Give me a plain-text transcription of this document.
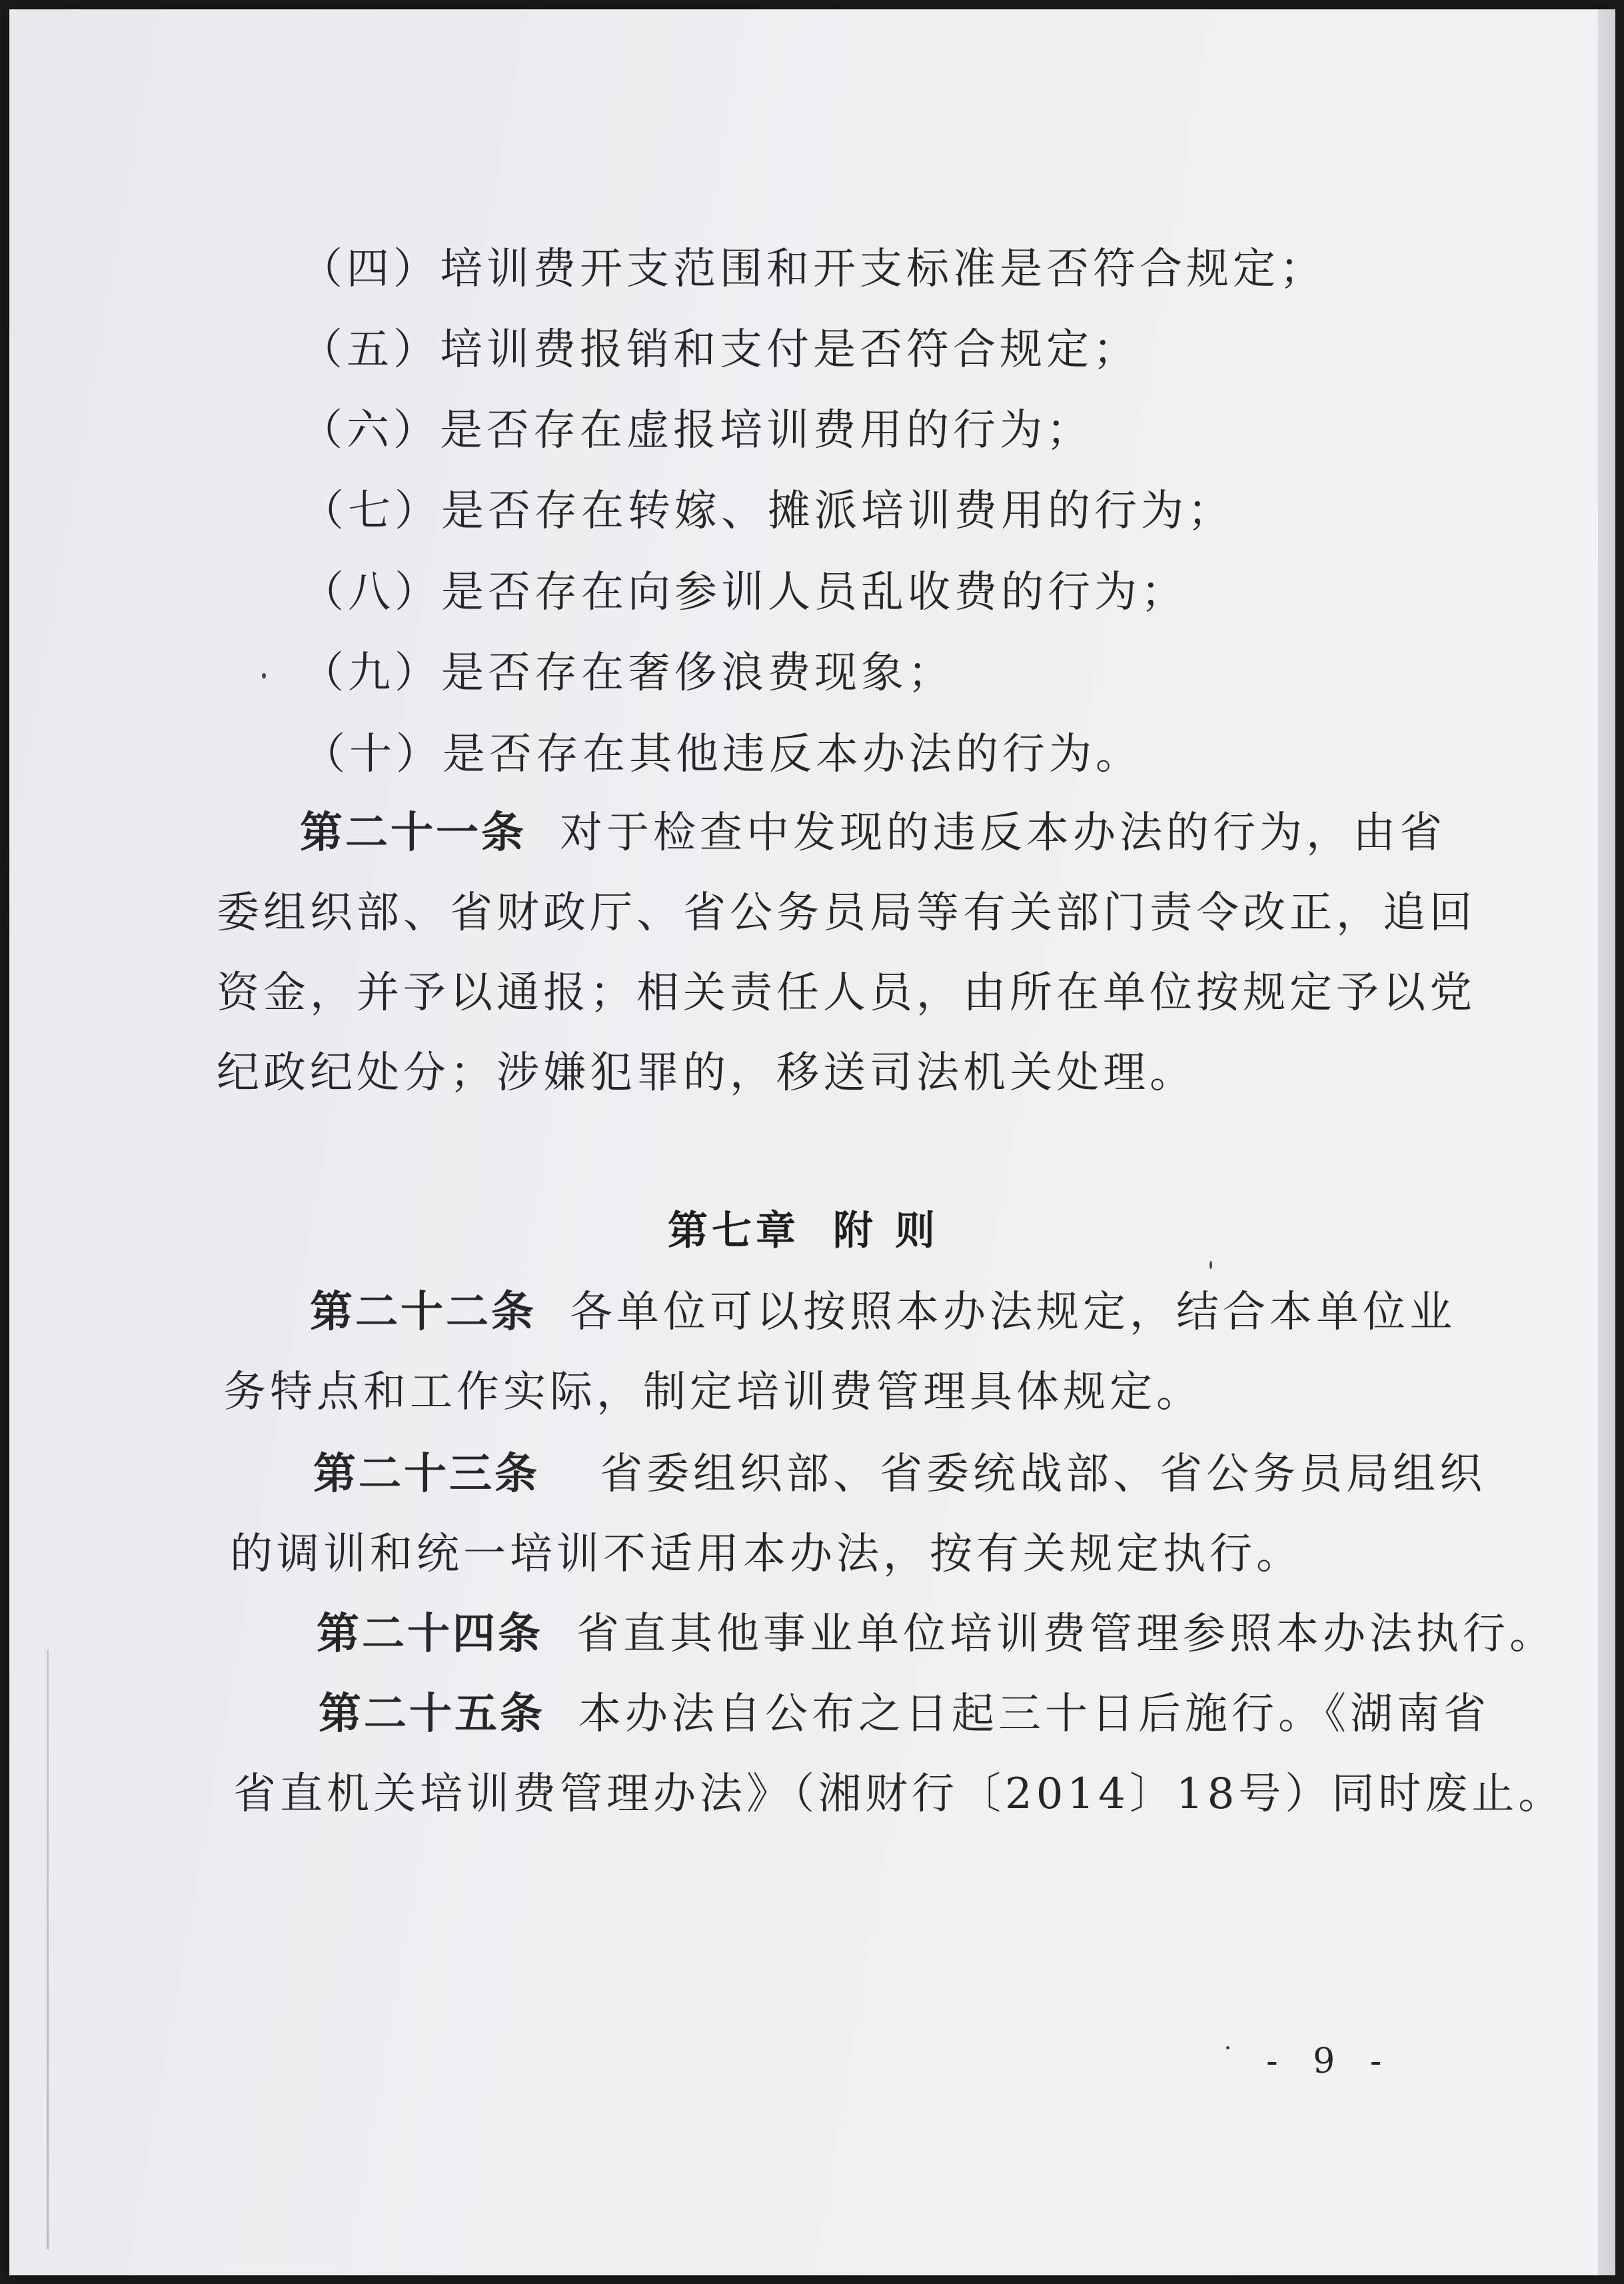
（四）培训费开支范围和开支标准是否符合规定；
（五）培训费报销和支付是否符合规定；
（六）是否存在虚报培训费用的行为；
（七）是否存在转嫁、摊派培训费用的行为；
（八）是否存在向参训人员乱收费的行为；
（九）是否存在奢侈浪费现象；
（十）是否存在其他违反本办法的行为。
第二十一条 对于检查中发现的违反本办法的行为，由省
委组织部、省财政厅、省公务员局等有关部门责令改正，追回
资金，并予以通报；相关责任人员，由所在单位按规定予以党
纪政纪处分；涉嫌犯罪的，移送司法机关处理。
第七章 附 则
第二十二条 各单位可以按照本办法规定，结合本单位业
务特点和工作实际，制定培训费管理具体规定。
第二十三条 省委组织部、省委统战部、省公务员局组织
的调训和统一培训不适用本办法，按有关规定执行。
第二十四条 省直其他事业单位培训费管理参照本办法执行。
第二十五条 本办法自公布之日起三十日后施行。《湖南省
省直机关培训费管理办法》（湘财行〔2014〕18号）同时废止。
- 9 -
